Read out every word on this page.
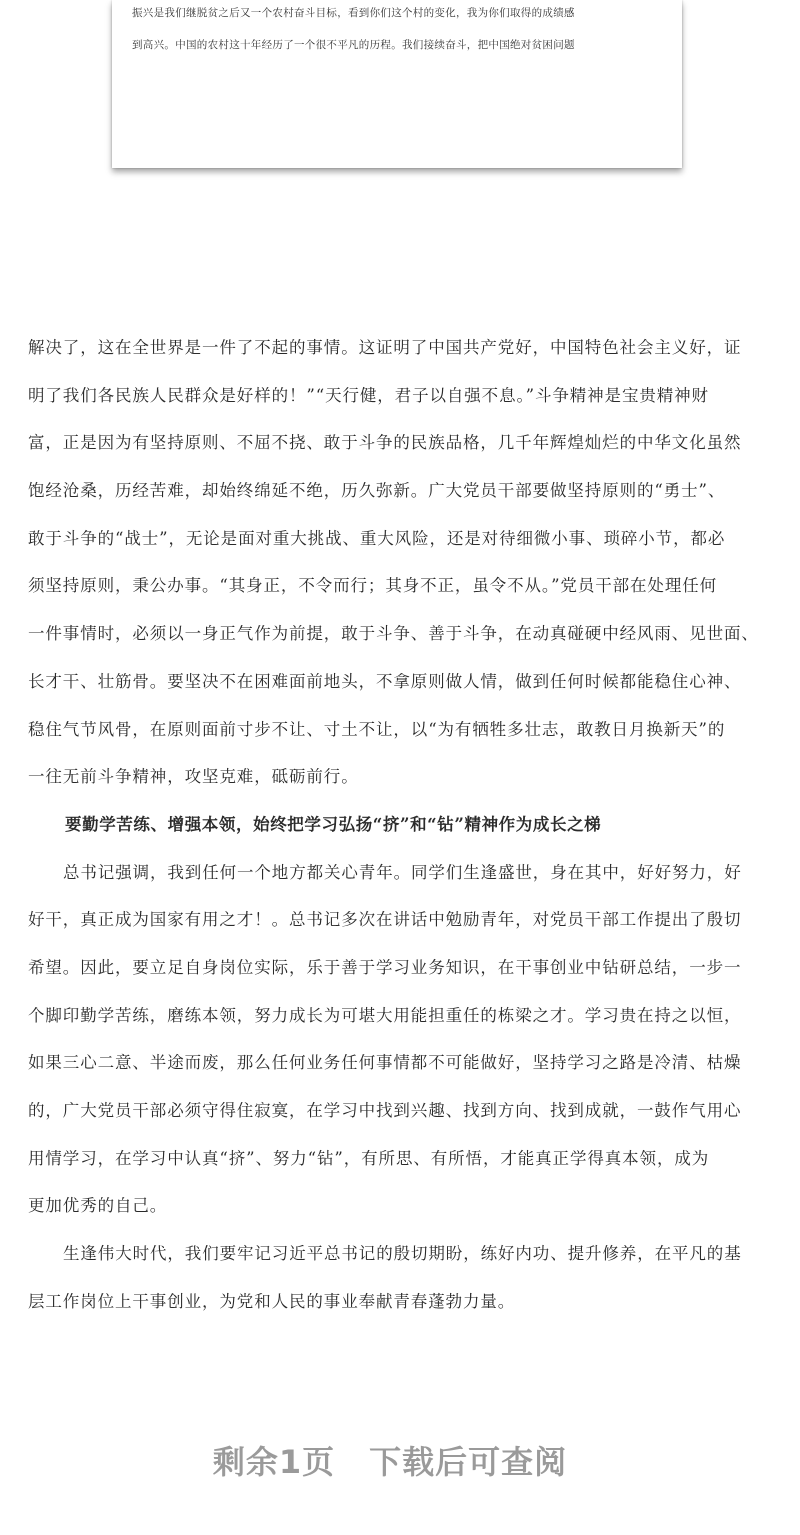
振兴是我们继脱贫之后又一个农村奋斗目标，看到你们这个村的变化，我为你们取得的成绩感
到高兴。中国的农村这十年经历了一个很不平凡的历程。我们接续奋斗，把中国绝对贫困问题
解决了，这在全世界是一件了不起的事情。这证明了中国共产党好，中国特色社会主义好，证
明了我们各民族人民群众是好样的！”“天行健，君子以自强不息。”斗争精神是宝贵精神财
富，正是因为有坚持原则、不屈不挠、敢于斗争的民族品格，几千年辉煌灿烂的中华文化虽然
饱经沧桑，历经苦难，却始终绵延不绝，历久弥新。广大党员干部要做坚持原则的“勇士”、
敢于斗争的“战士”，无论是面对重大挑战、重大风险，还是对待细微小事、琐碎小节，都必
须坚持原则，秉公办事。“其身正，不令而行；其身不正，虽令不从。”党员干部在处理任何
一件事情时，必须以一身正气作为前提，敢于斗争、善于斗争，在动真碰硬中经风雨、见世面、
长才干、壮筋骨。要坚决不在困难面前地头，不拿原则做人情，做到任何时候都能稳住心神、
稳住气节风骨，在原则面前寸步不让、寸土不让，以“为有牺牲多壮志，敢教日月换新天”的
一往无前斗争精神，攻坚克难，砥砺前行。
要勤学苦练、增强本领，始终把学习弘扬“挤”和“钻”精神作为成长之梯
总书记强调，我到任何一个地方都关心青年。同学们生逢盛世，身在其中，好好努力，好
好干，真正成为国家有用之才！。总书记多次在讲话中勉励青年，对党员干部工作提出了殷切
希望。因此，要立足自身岗位实际，乐于善于学习业务知识，在干事创业中钻研总结，一步一
个脚印勤学苦练，磨练本领，努力成长为可堪大用能担重任的栋梁之才。学习贵在持之以恒，
如果三心二意、半途而废，那么任何业务任何事情都不可能做好，坚持学习之路是冷清、枯燥
的，广大党员干部必须守得住寂寞，在学习中找到兴趣、找到方向、找到成就，一鼓作气用心
用情学习，在学习中认真“挤”、努力“钻”，有所思、有所悟，才能真正学得真本领，成为
更加优秀的自己。
生逢伟大时代，我们要牢记习近平总书记的殷切期盼，练好内功、提升修养，在平凡的基
层工作岗位上干事创业，为党和人民的事业奉献青春蓬勃力量。
剩余1页 下载后可查阅
